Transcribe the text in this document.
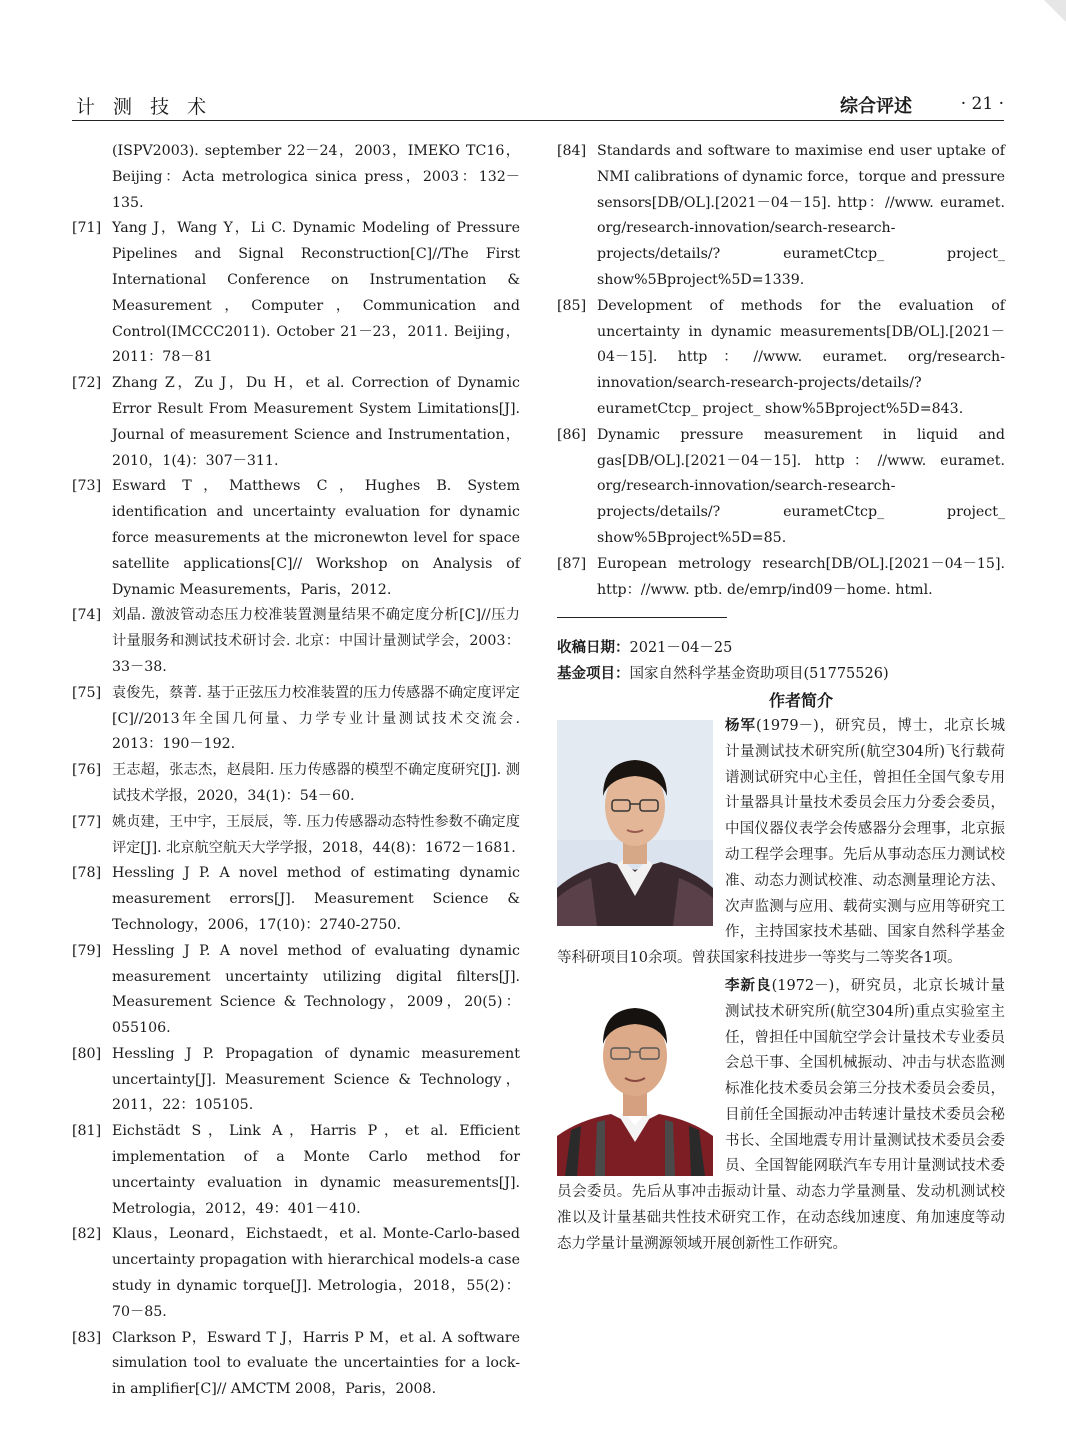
计 测 技 术	综合评述	· 21 ·
(ISPV2003). september 22－24，2003，IMEKO TC16，Beijing：Acta metrologica sinica press，2003：132－135.
[71] Yang J，Wang Y，Li C. Dynamic Modeling of Pressure Pipelines and Signal Reconstruction[C]//The First International Conference on Instrumentation & Measurement，Computer，Communication and Control(IMCCC2011). October 21－23，2011. Beijing，2011：78－81
[72] Zhang Z，Zu J，Du H，et al. Correction of Dynamic Error Result From Measurement System Limitations[J]. Journal of measurement Science and Instrumentation，2010，1(4)：307－311.
[73] Esward T，Matthews C，Hughes B. System identification and uncertainty evaluation for dynamic force measurements at the micronewton level for space satellite applications[C]// Workshop on Analysis of Dynamic Measurements，Paris，2012.
[74] 刘晶. 激波管动态压力校准装置测量结果不确定度分析[C]//压力计量服务和测试技术研讨会. 北京：中国计量测试学会，2003：33－38.
[75] 袁俊先，蔡菁. 基于正弦压力校准装置的压力传感器不确定度评定[C]//2013年全国几何量、力学专业计量测试技术交流会. 2013：190－192.
[76] 王志超，张志杰，赵晨阳. 压力传感器的模型不确定度研究[J]. 测试技术学报，2020，34(1)：54－60.
[77] 姚贞建，王中宇，王辰辰，等. 压力传感器动态特性参数不确定度评定[J]. 北京航空航天大学学报，2018，44(8)：1672－1681.
[78] Hessling J P. A novel method of estimating dynamic measurement errors[J]. Measurement Science & Technology，2006，17(10)：2740-2750.
[79] Hessling J P. A novel method of evaluating dynamic measurement uncertainty utilizing digital filters[J]. Measurement Science & Technology，2009，20(5)：055106.
[80] Hessling J P. Propagation of dynamic measurement uncertainty[J]. Measurement Science & Technology，2011，22：105105.
[81] Eichstädt S，Link A，Harris P，et al. Efficient implementation of a Monte Carlo method for uncertainty evaluation in dynamic measurements[J]. Metrologia，2012，49：401－410.
[82] Klaus，Leonard，Eichstaedt，et al. Monte-Carlo-based uncertainty propagation with hierarchical models-a case study in dynamic torque[J]. Metrologia，2018，55(2)：70－85.
[83] Clarkson P，Esward T J，Harris P M，et al. A software simulation tool to evaluate the uncertainties for a lock-in amplifier[C]// AMCTM 2008，Paris，2008.
[84] Standards and software to maximise end user uptake of NMI calibrations of dynamic force，torque and pressure sensors[DB/OL].[2021－04－15]. http：//www. euramet. org/research-innovation/search-research-projects/details/? eurametCtcp_ project_ show%5Bproject%5D=1339.
[85] Development of methods for the evaluation of uncertainty in dynamic measurements[DB/OL].[2021－04－15]. http：//www. euramet. org/research-innovation/search-research-projects/details/? eurametCtcp_ project_ show%5Bproject%5D=843.
[86] Dynamic pressure measurement in liquid and gas[DB/OL].[2021－04－15]. http：//www. euramet. org/research-innovation/search-research-projects/details/? eurametCtcp_ project_ show%5Bproject%5D=85.
[87] European metrology research[DB/OL].[2021－04－15]. http：//www. ptb. de/emrp/ind09－home. html.
收稿日期：2021－04－25
基金项目：国家自然科学基金资助项目(51775526)
作者简介
杨军(1979－)，研究员，博士，北京长城计量测试技术研究所(航空304所)飞行载荷谱测试研究中心主任，曾担任全国气象专用计量器具计量技术委员会压力分委会委员，中国仪器仪表学会传感器分会理事，北京振动工程学会理事。先后从事动态压力测试校准、动态力测试校准、动态测量理论方法、次声监测与应用、载荷实测与应用等研究工作，主持国家技术基础、国家自然科学基金等科研项目10余项。曾获国家科技进步一等奖与二等奖各1项。
李新良(1972－)，研究员，北京长城计量测试技术研究所(航空304所)重点实验室主任，曾担任中国航空学会计量技术专业委员会总干事、全国机械振动、冲击与状态监测标准化技术委员会第三分技术委员会委员，目前任全国振动冲击转速计量技术委员会秘书长、全国地震专用计量测试技术委员会委员、全国智能网联汽车专用计量测试技术委员会委员。先后从事冲击振动计量、动态力学量测量、发动机测试校准以及计量基础共性技术研究工作，在动态线加速度、角加速度等动态力学量计量溯源领域开展创新性工作研究。
